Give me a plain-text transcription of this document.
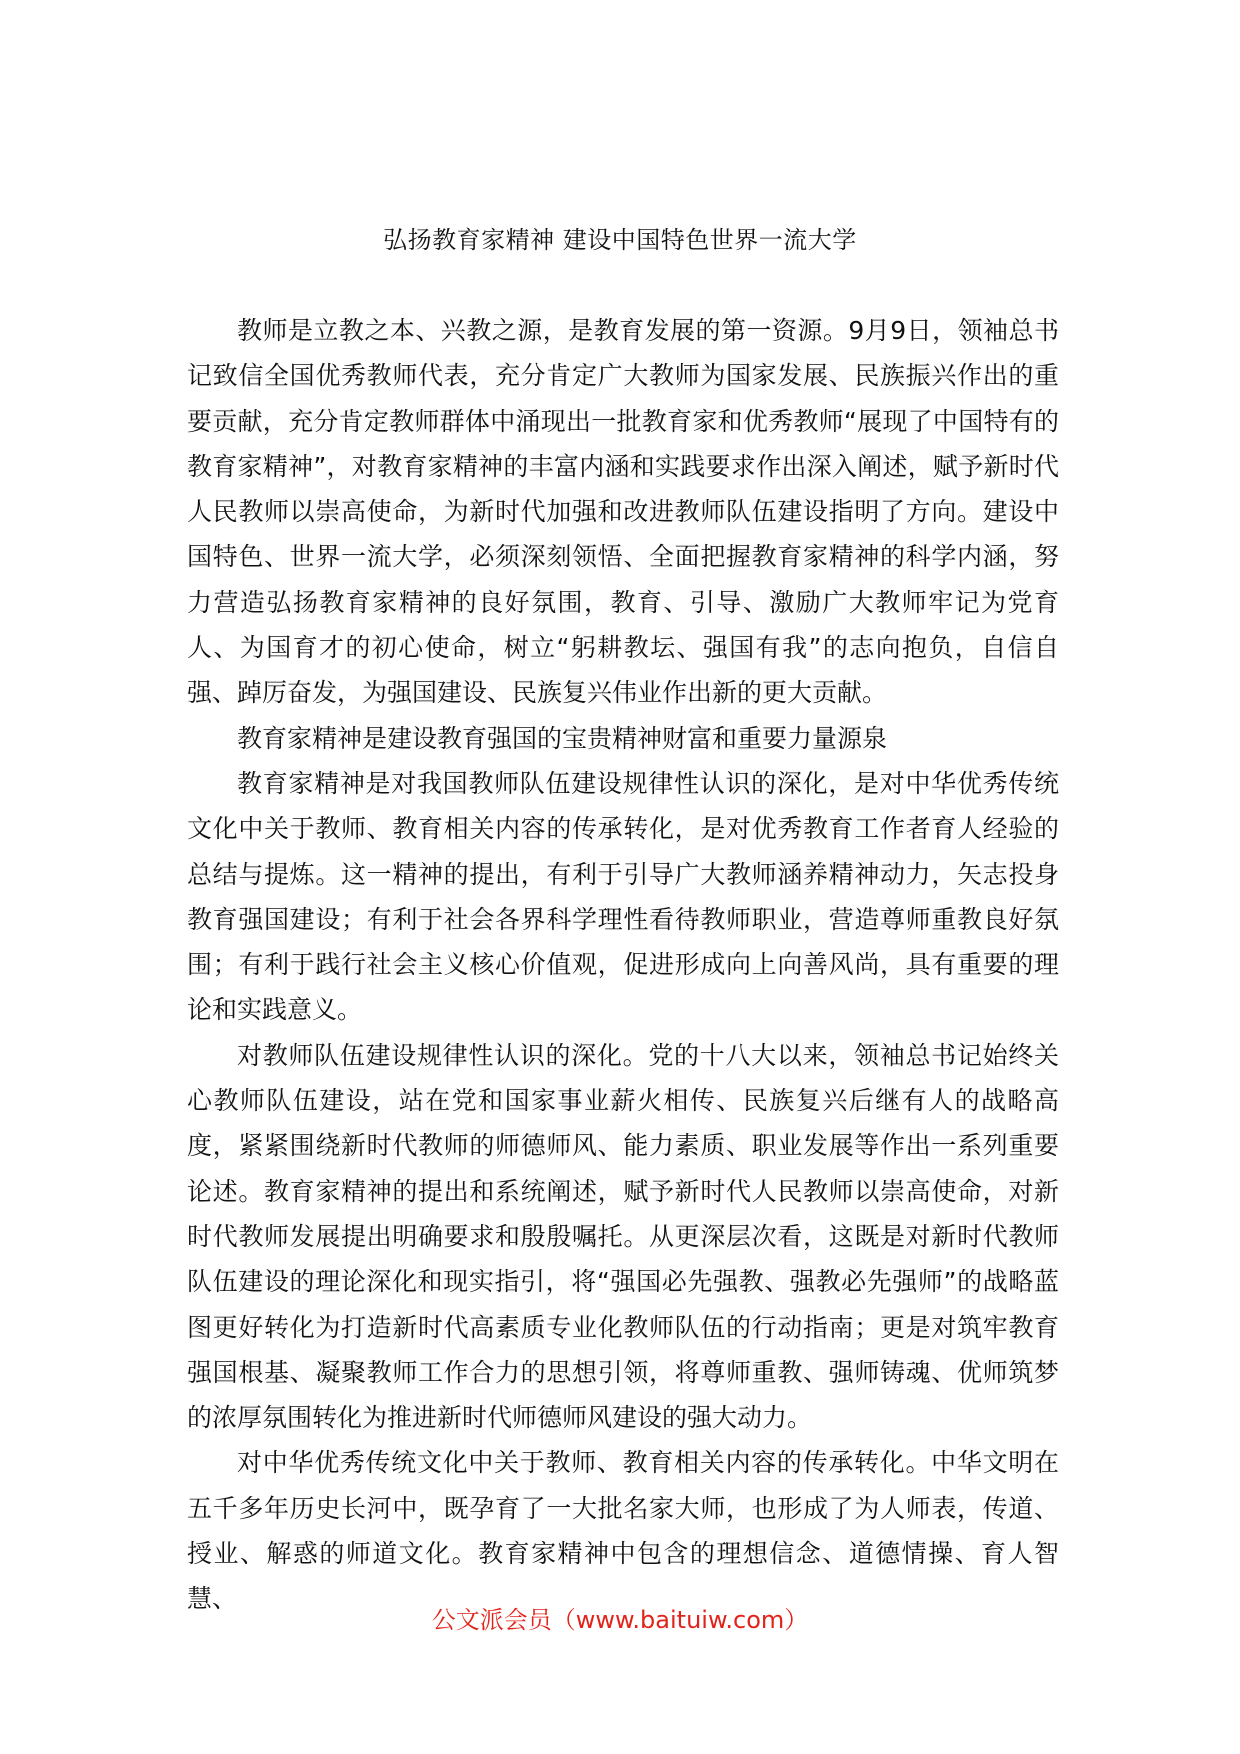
弘扬教育家精神 建设中国特色世界一流大学

教师是立教之本、兴教之源，是教育发展的第一资源。9月9日，领袖总书记致信全国优秀教师代表，充分肯定广大教师为国家发展、民族振兴作出的重要贡献，充分肯定教师群体中涌现出一批教育家和优秀教师“展现了中国特有的教育家精神”，对教育家精神的丰富内涵和实践要求作出深入阐述，赋予新时代人民教师以崇高使命，为新时代加强和改进教师队伍建设指明了方向。建设中国特色、世界一流大学，必须深刻领悟、全面把握教育家精神的科学内涵，努力营造弘扬教育家精神的良好氛围，教育、引导、激励广大教师牢记为党育人、为国育才的初心使命，树立“躬耕教坛、强国有我”的志向抱负，自信自强、踔厉奋发，为强国建设、民族复兴伟业作出新的更大贡献。

教育家精神是建设教育强国的宝贵精神财富和重要力量源泉

教育家精神是对我国教师队伍建设规律性认识的深化，是对中华优秀传统文化中关于教师、教育相关内容的传承转化，是对优秀教育工作者育人经验的总结与提炼。这一精神的提出，有利于引导广大教师涵养精神动力，矢志投身教育强国建设；有利于社会各界科学理性看待教师职业，营造尊师重教良好氛围；有利于践行社会主义核心价值观，促进形成向上向善风尚，具有重要的理论和实践意义。

对教师队伍建设规律性认识的深化。党的十八大以来，领袖总书记始终关心教师队伍建设，站在党和国家事业薪火相传、民族复兴后继有人的战略高度，紧紧围绕新时代教师的师德师风、能力素质、职业发展等作出一系列重要论述。教育家精神的提出和系统阐述，赋予新时代人民教师以崇高使命，对新时代教师发展提出明确要求和殷殷嘱托。从更深层次看，这既是对新时代教师队伍建设的理论深化和现实指引，将“强国必先强教、强教必先强师”的战略蓝图更好转化为打造新时代高素质专业化教师队伍的行动指南；更是对筑牢教育强国根基、凝聚教师工作合力的思想引领，将尊师重教、强师铸魂、优师筑梦的浓厚氛围转化为推进新时代师德师风建设的强大动力。

对中华优秀传统文化中关于教师、教育相关内容的传承转化。中华文明在五千多年历史长河中，既孕育了一大批名家大师，也形成了为人师表，传道、授业、解惑的师道文化。教育家精神中包含的理想信念、道德情操、育人智慧、

公文派会员（www.baituiw.com）
